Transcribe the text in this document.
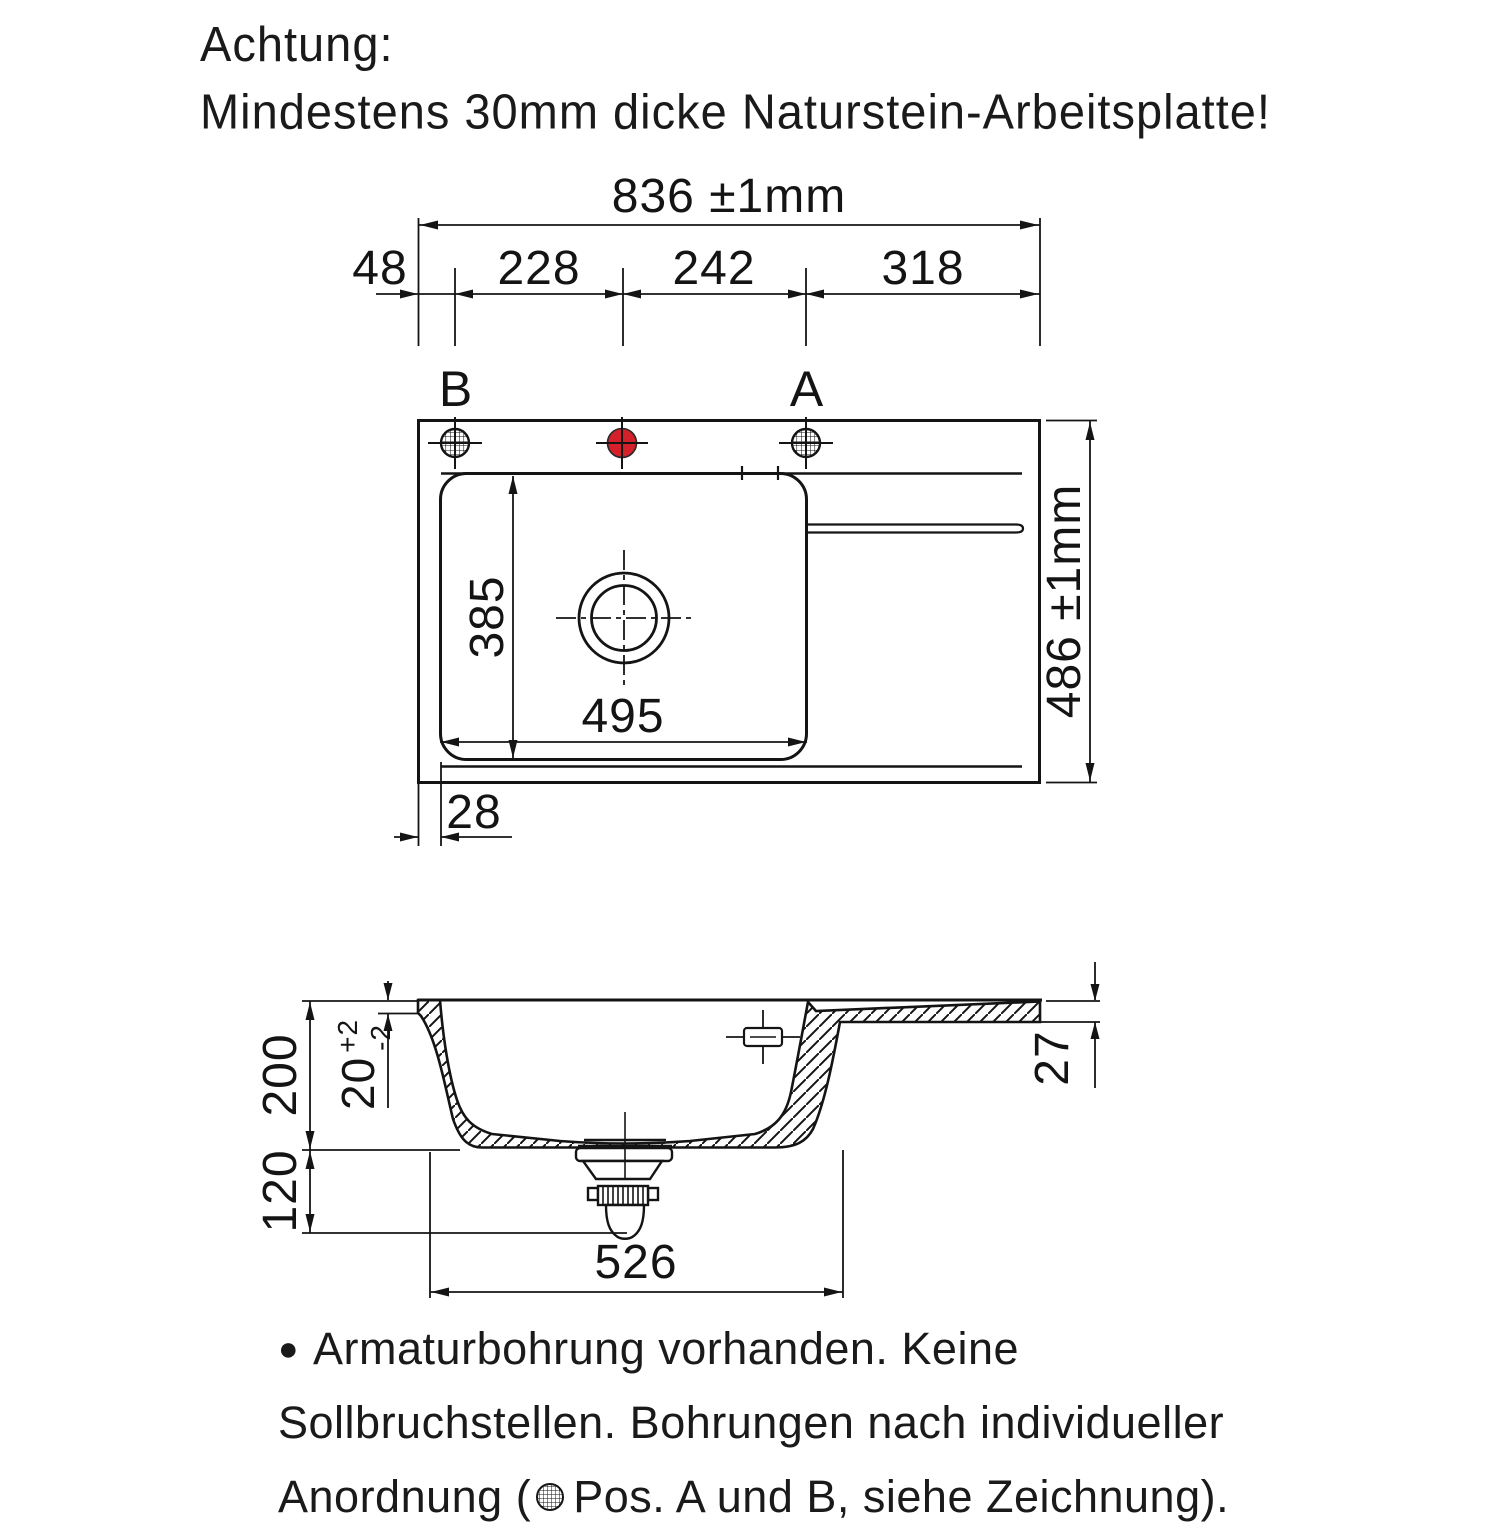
Achtung:
Mindestens 30mm dicke Naturstein-Arbeitsplatte!
836 ±1mm
48 228 242	318
B	A
385
495
28
486 ±1mm
200
120
$20^{+2}-2$	27
526
● Armaturbohrung vorhanden. Keine
Sollbruchstellen. Bohrungen nach individueller
Anordnung ( Pos. A und B, siehe Zeichnung).
